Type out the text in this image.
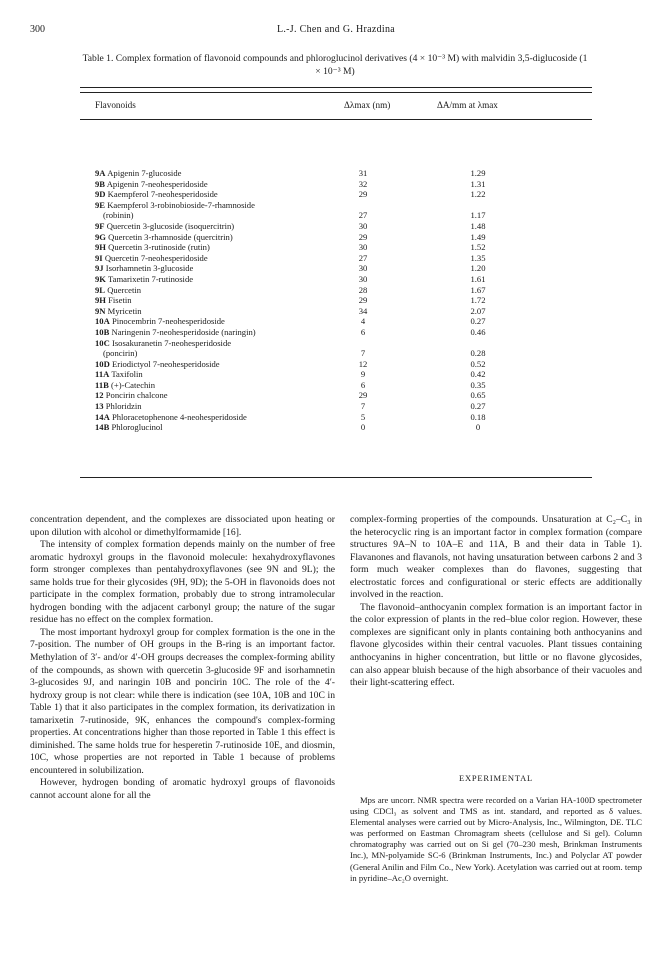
300	L.-J. Chen and G. Hrazdina
Table 1. Complex formation of flavonoid compounds and phloroglucinol derivatives (4 × 10⁻³ M) with malvidin 3,5-diglucoside (1 × 10⁻³ M)
Flavonoids	Δλmax (nm)	ΔA/mm at λmax
9A Apigenin 7-glucoside	31	1.29
9B Apigenin 7-neohesperidoside	32	1.31
9D Kaempferol 7-neohesperidoside	29	1.22
9E Kaempferol 3-robinobioside-7-rhamnoside
(robinin)	27	1.17
9F Quercetin 3-glucoside (isoquercitrin)	30	1.48
9G Quercetin 3-rhamnoside (quercitrin)	29	1.49
9H Quercetin 3-rutinoside (rutin)	30	1.52
9I Quercetin 7-neohesperidoside	27	1.35
9J Isorhamnetin 3-glucoside	30	1.20
9K Tamarixetin 7-rutinoside	30	1.61
9L Quercetin	28	1.67
9H Fisetin	29	1.72
9N Myricetin	34	2.07
10A Pinocembrin 7-neohesperidoside	4	0.27
10B Naringenin 7-neohesperidoside (naringin)	6	0.46
10C Isosakuranetin 7-neohesperidoside
(poncirin)	7	0.28
10D Eriodictyol 7-neohesperidoside	12	0.52
11A Taxifolin	9	0.42
11B (+)-Catechin	6	0.35
12 Poncirin chalcone	29	0.65
13 Phloridzin	7	0.27
14A Phloracetophenone 4-neohesperidoside	5	0.18
14B Phloroglucinol	0	0

concentration dependent, and the complexes are dissociated upon heating or upon dilution with alcohol or dimethylformamide [16].

The intensity of complex formation depends mainly on the number of free aromatic hydroxyl groups in the flavonoid molecule: hexahydroxyflavones form stronger complexes than pentahydroxyflavones (see 9N and 9L); the same holds true for their glycosides (9H, 9D); the 5-OH in flavonoids does not participate in the complex formation, probably due to strong intramolecular hydrogen bonding with the adjacent carbonyl group; the nature of the sugar residue has no effect on the complex formation.

The most important hydroxyl group for complex formation is the one in the 7-position. The number of OH groups in the B-ring is an important factor. Methylation of 3′- and/or 4′-OH groups decreases the complex-forming ability of the compounds, as shown with quercetin 3-glucoside 9F and isorhamnetin 3-glucosides 9J, and naringin 10B and poncirin 10C. The role of the 4′-hydroxy group is not clear: while there is indication (see 10A, 10B and 10C in Table 1) that it also participates in the complex formation, its derivatization in tamarixetin 7-rutinoside, 9K, enhances the compound's complex-forming properties. At concentrations higher than those reported in Table 1 this effect is diminished. The same holds true for hesperetin 7-rutinoside 10E, and diosmin, 10C, whose properties are not reported in Table 1 because of problems encountered in solubilization.

However, hydrogen bonding of aromatic hydroxyl groups of flavonoids cannot account alone for all the

complex-forming properties of the compounds. Unsaturation at C₂–C₃ in the heterocyclic ring is an important factor in complex formation (compare structures 9A–N to 10A–E and 11A, B and their data in Table 1). Flavanones and flavanols, not having unsaturation between carbons 2 and 3 form much weaker complexes than do flavones, suggesting that electrostatic forces and configurational or steric effects are additionally involved in the reaction.

The flavonoid–anthocyanin complex formation is an important factor in the color expression of plants in the red–blue color region. However, these complexes are significant only in plants containing both anthocyanins and flavone glycosides within their central vacuoles. Plant tissues containing anthocyanins in higher concentration, but little or no flavone glycosides, can also appear bluish because of the high absorbance of their vacuoles and their light-scattering effect.

EXPERIMENTAL

Mps are uncorr. NMR spectra were recorded on a Varian HA-100D spectrometer using CDCl₃ as solvent and TMS as int. standard, and reported as δ values. Elemental analyses were carried out by Micro-Analysis, Inc., Wilmington, DE. TLC was performed on Eastman Chromagram sheets (cellulose and Si gel). Column chromatography was carried out on Si gel (70–230 mesh, Brinkman Instruments Inc.), MN-polyamide SC-6 (Brinkman Instruments, Inc.) and Polyclar AT powder (General Anilin and Film Co., New York). Acetylation was carried out at room. temp in pyridine–Ac₂O overnight.
